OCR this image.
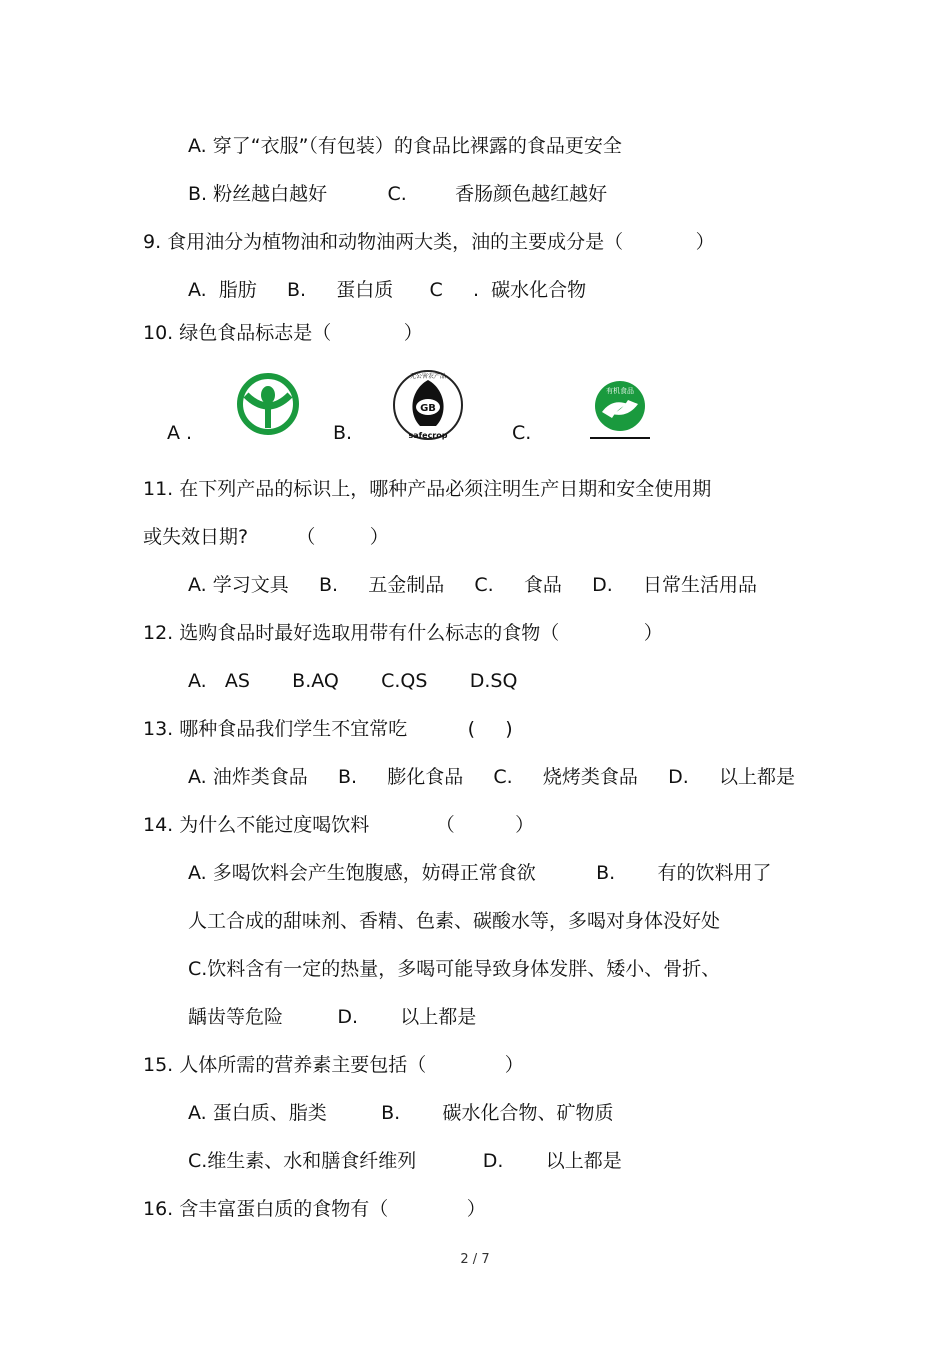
A. 穿了“衣服”（有包装）的食品比裸露的食品更安全
B. 粉丝越白越好          C.        香肠颜色越红越好
9. 食用油分为植物油和动物油两大类，油的主要成分是（            ）
A.  脂肪     B.     蛋白质      C     .  碳水化合物
10. 绿色食品标志是（            ）
A .	B.
GB
无公害农产品
safecrop	C.
有机食品
11. 在下列产品的标识上，哪种产品必须注明生产日期和安全使用期
或失效日期?        （         ）
A. 学习文具     B.     五金制品     C.     食品     D.     日常生活用品
12. 选购食品时最好选取用带有什么标志的食物（              ）
A.   AS       B.AQ       C.QS       D.SQ
13. 哪种食品我们学生不宜常吃          (     )
A. 油炸类食品     B.     膨化食品     C.     烧烤类食品     D.     以上都是
14. 为什么不能过度喝饮料           （          ）
A. 多喝饮料会产生饱腹感，妨碍正常食欲          B.       有的饮料用了
人工合成的甜味剂、香精、色素、碳酸水等，多喝对身体没好处
C.饮料含有一定的热量，多喝可能导致身体发胖、矮小、骨折、
龋齿等危险         D.       以上都是
15. 人体所需的营养素主要包括（             ）
A. 蛋白质、脂类         B.       碳水化合物、矿物质
C.维生素、水和膳食纤维列           D.       以上都是
16. 含丰富蛋白质的食物有（             ）
2 / 7
